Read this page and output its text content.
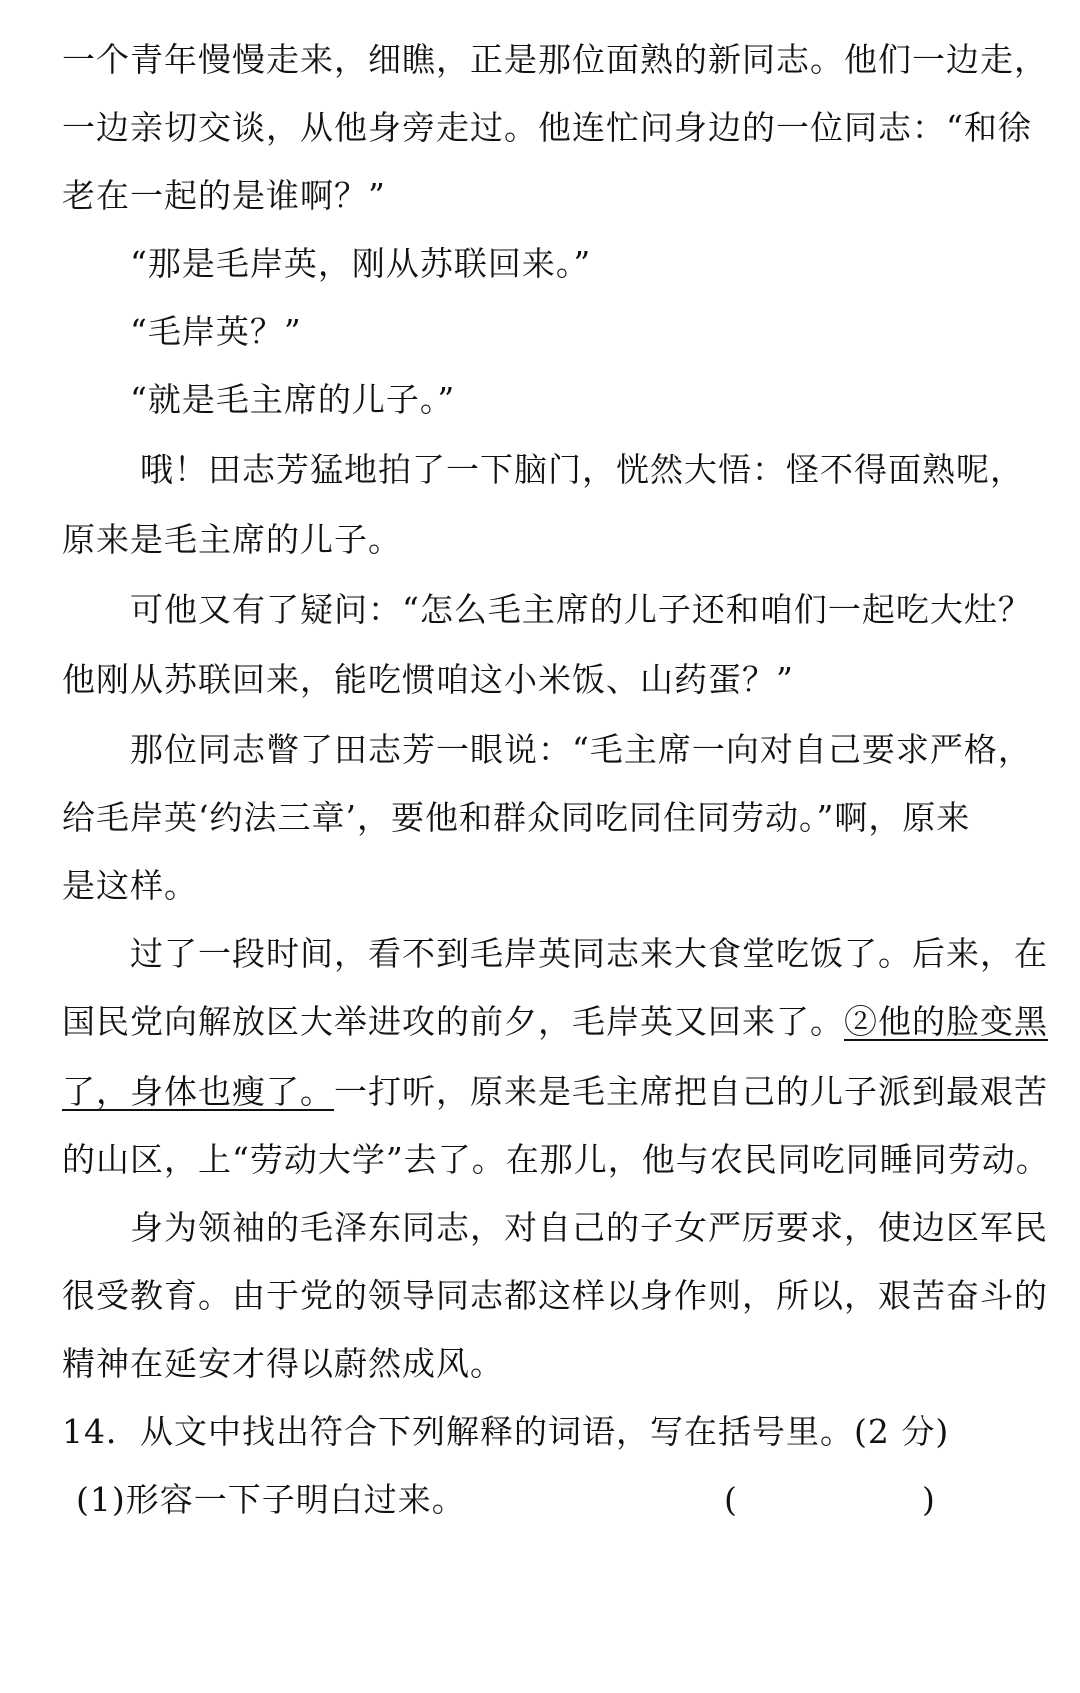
一个青年慢慢走来，细瞧，正是那位面熟的新同志。他们一边走，
一边亲切交谈，从他身旁走过。他连忙问身边的一位同志：“和徐
老在一起的是谁啊？”
“那是毛岸英，刚从苏联回来。”
“毛岸英？”
“就是毛主席的儿子。”
哦！田志芳猛地拍了一下脑门，恍然大悟：怪不得面熟呢，
原来是毛主席的儿子。
可他又有了疑问：“怎么毛主席的儿子还和咱们一起吃大灶？
他刚从苏联回来，能吃惯咱这小米饭、山药蛋？”
那位同志瞥了田志芳一眼说：“毛主席一向对自己要求严格，
给毛岸英‘约法三章’，要他和群众同吃同住同劳动。”啊，原来
是这样。
过了一段时间，看不到毛岸英同志来大食堂吃饭了。后来，在
国民党向解放区大举进攻的前夕，毛岸英又回来了。②他的脸变黑
了，身体也瘦了。一打听，原来是毛主席把自己的儿子派到最艰苦
的山区，上“劳动大学”去了。在那儿，他与农民同吃同睡同劳动。
身为领袖的毛泽东同志，对自己的子女严厉要求，使边区军民
很受教育。由于党的领导同志都这样以身作则，所以，艰苦奋斗的
精神在延安才得以蔚然成风。
14．从文中找出符合下列解释的词语，写在括号里。(2 分)
(1)形容一下子明白过来。	(	)
